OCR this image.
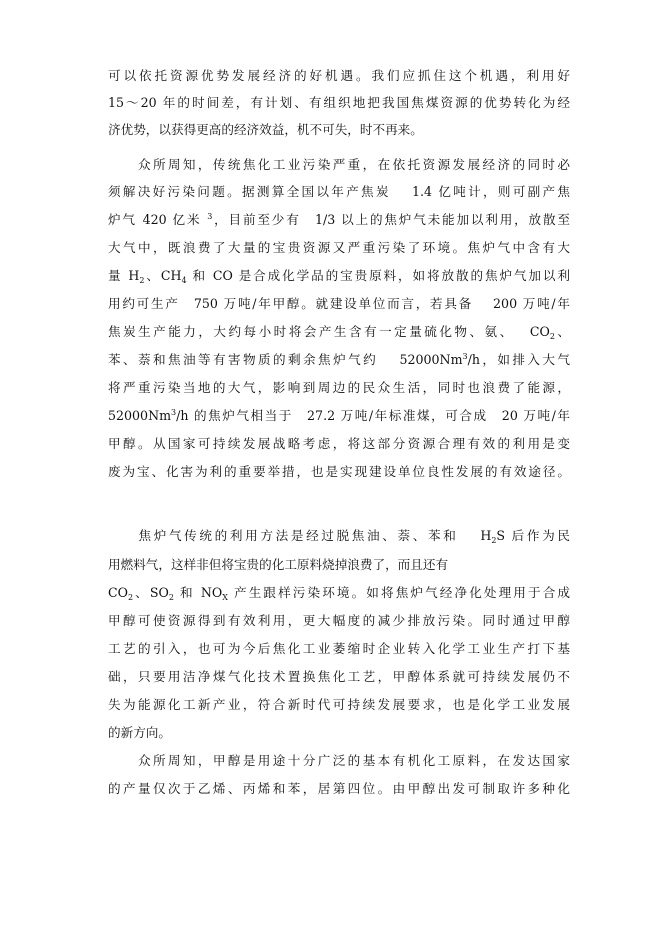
可以依托资源优势发展经济的好机遇。我们应抓住这个机遇，利用好
15～20 年的时间差，有计划、有组织地把我国焦煤资源的优势转化为经
济优势，以获得更高的经济效益，机不可失，时不再来。
　　众所周知，传统焦化工业污染严重，在依托资源发展经济的同时必
须解决好污染问题。据测算全国以年产焦炭　 1.4 亿吨计，则可副产焦
炉气 420 亿米 $^3$，目前至少有　1/3 以上的焦炉气未能加以利用，放散至
大气中，既浪费了大量的宝贵资源又严重污染了环境。焦炉气中含有大
量 $H_2$、$CH_4$ 和 CO 是合成化学品的宝贵原料，如将放散的焦炉气加以利
用约可生产　750 万吨/年甲醇。就建设单位而言，若具备　 200 万吨/年
焦炭生产能力，大约每小时将会产生含有一定量硫化物、氨、　 $CO_2$、
苯、萘和焦油等有害物质的剩余焦炉气约　 52000Nm$^3$/h，如排入大气
将严重污染当地的大气，影响到周边的民众生活，同时也浪费了能源，
52000Nm$^3$/h 的焦炉气相当于　27.2 万吨/年标准煤，可合成　20 万吨/年
甲醇。从国家可持续发展战略考虑，将这部分资源合理有效的利用是变
废为宝、化害为利的重要举措，也是实现建设单位良性发展的有效途径。
　　焦炉气传统的利用方法是经过脱焦油、萘、苯和　 $H_2S$ 后作为民
用燃料气，这样非但将宝贵的化工原料烧掉浪费了，而且还有
$CO_2$、$SO_2$ 和 $NO_X$ 产生跟样污染环境。如将焦炉气经净化处理用于合成
甲醇可使资源得到有效利用，更大幅度的减少排放污染。同时通过甲醇
工艺的引入，也可为今后焦化工业萎缩时企业转入化学工业生产打下基
础，只要用洁净煤气化技术置换焦化工艺，甲醇体系就可持续发展仍不
失为能源化工新产业，符合新时代可持续发展要求，也是化学工业发展
的新方向。
　　众所周知，甲醇是用途十分广泛的基本有机化工原料，在发达国家
的产量仅次于乙烯、丙烯和苯，居第四位。由甲醇出发可制取许多种化
